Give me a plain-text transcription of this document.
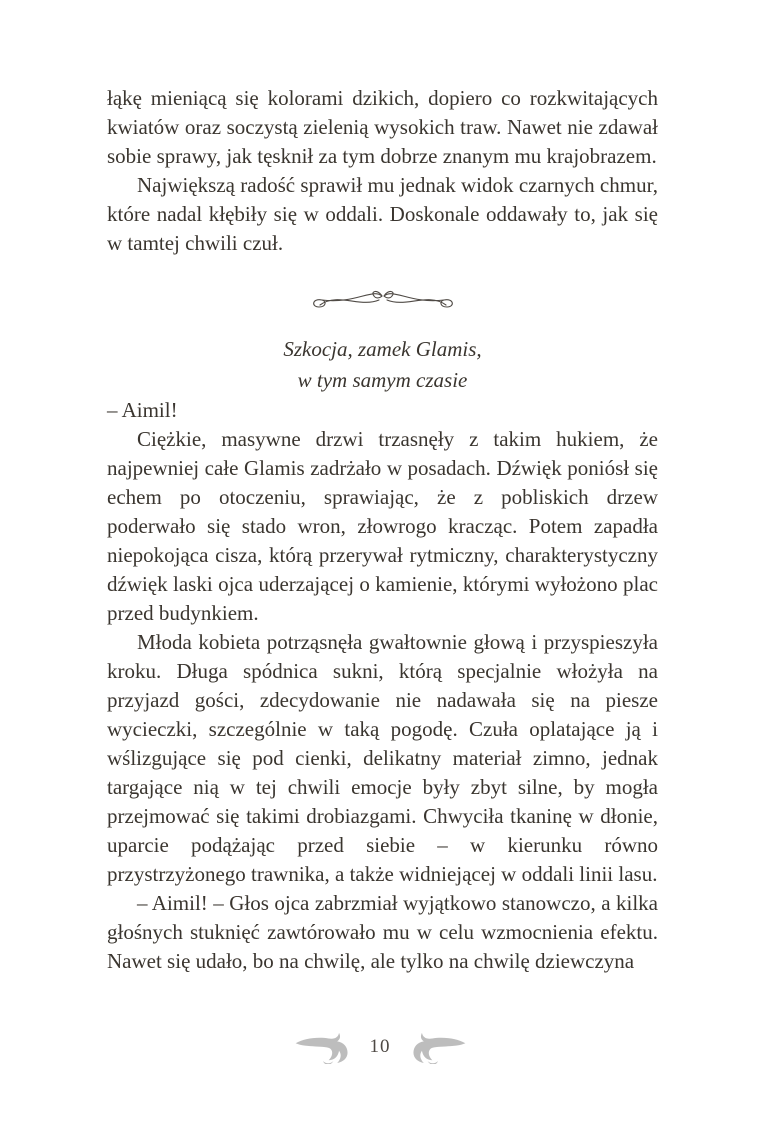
łąkę mieniącą się kolorami dzikich, dopiero co rozkwitających kwiatów oraz soczystą zielenią wysokich traw. Nawet nie zdawał sobie sprawy, jak tęsknił za tym dobrze znanym mu krajobrazem.

Największą radość sprawił mu jednak widok czarnych chmur, które nadal kłębiły się w oddali. Doskonale oddawały to, jak się w tamtej chwili czuł.

Szkocja, zamek Glamis,
w tym samym czasie

– Aimil!

Ciężkie, masywne drzwi trzasnęły z takim hukiem, że najpewniej całe Glamis zadrżało w posadach. Dźwięk poniósł się echem po otoczeniu, sprawiając, że z pobliskich drzew poderwało się stado wron, złowrogo kracząc. Potem zapadła niepokojąca cisza, którą przerywał rytmiczny, charakterystyczny dźwięk laski ojca uderzającej o kamienie, którymi wyłożono plac przed budynkiem.

Młoda kobieta potrząsnęła gwałtownie głową i przyspieszyła kroku. Długa spódnica sukni, którą specjalnie włożyła na przyjazd gości, zdecydowanie nie nadawała się na piesze wycieczki, szczególnie w taką pogodę. Czuła oplatające ją i wślizgujące się pod cienki, delikatny materiał zimno, jednak targające nią w tej chwili emocje były zbyt silne, by mogła przejmować się takimi drobiazgami. Chwyciła tkaninę w dłonie, uparcie podążając przed siebie – w kierunku równo przystrzyżonego trawnika, a także widniejącej w oddali linii lasu.

– Aimil! – Głos ojca zabrzmiał wyjątkowo stanowczo, a kilka głośnych stuknięć zawtórowało mu w celu wzmocnienia efektu. Nawet się udało, bo na chwilę, ale tylko na chwilę dziewczyna

10
